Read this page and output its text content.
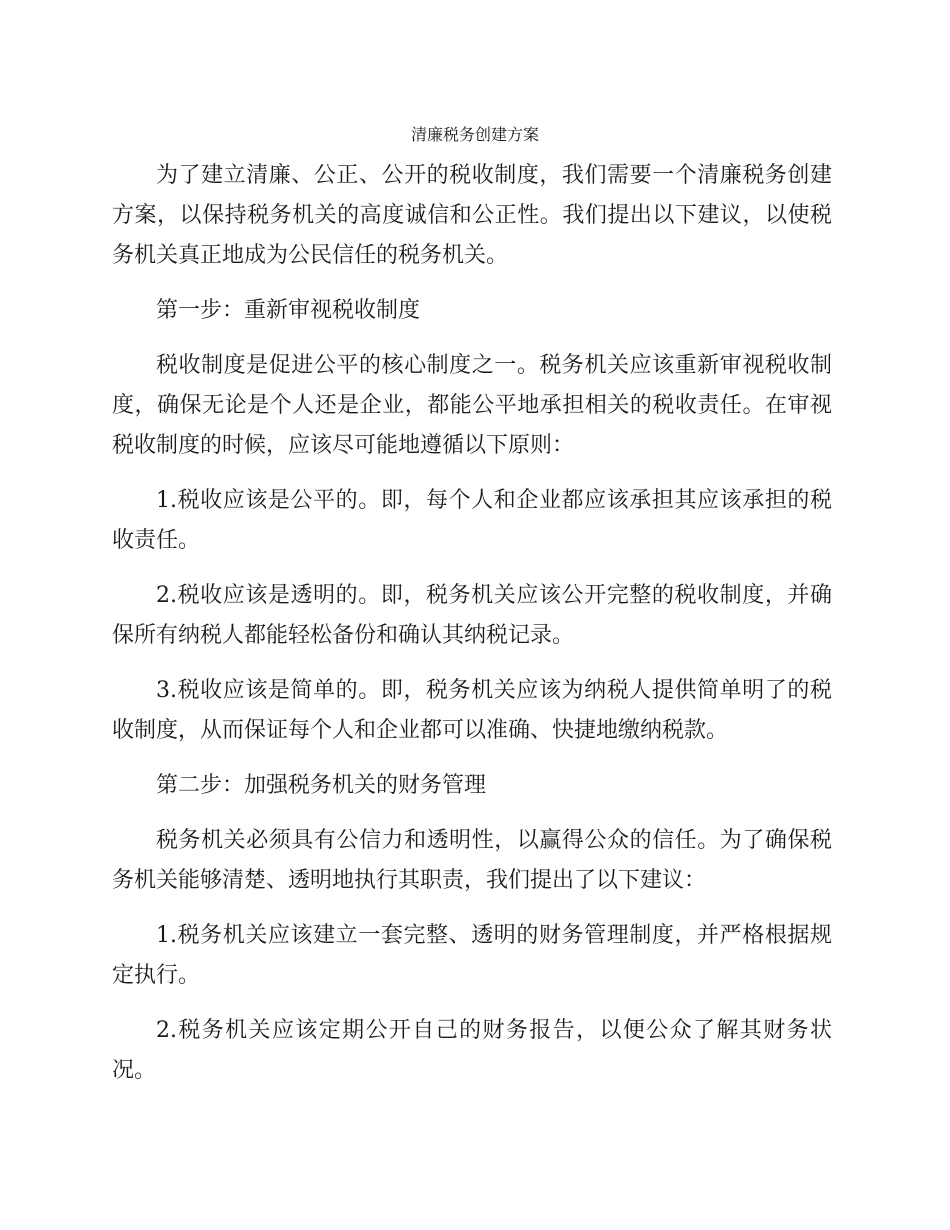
清廉税务创建方案

为了建立清廉、公正、公开的税收制度，我们需要一个清廉税务创建方案，以保持税务机关的高度诚信和公正性。我们提出以下建议，以使税务机关真正地成为公民信任的税务机关。

第一步：重新审视税收制度

税收制度是促进公平的核心制度之一。税务机关应该重新审视税收制度，确保无论是个人还是企业，都能公平地承担相关的税收责任。在审视税收制度的时候，应该尽可能地遵循以下原则：

1.税收应该是公平的。即，每个人和企业都应该承担其应该承担的税收责任。

2.税收应该是透明的。即，税务机关应该公开完整的税收制度，并确保所有纳税人都能轻松备份和确认其纳税记录。

3.税收应该是简单的。即，税务机关应该为纳税人提供简单明了的税收制度，从而保证每个人和企业都可以准确、快捷地缴纳税款。

第二步：加强税务机关的财务管理

税务机关必须具有公信力和透明性，以赢得公众的信任。为了确保税务机关能够清楚、透明地执行其职责，我们提出了以下建议：

1.税务机关应该建立一套完整、透明的财务管理制度，并严格根据规定执行。

2.税务机关应该定期公开自己的财务报告，以便公众了解其财务状况。
